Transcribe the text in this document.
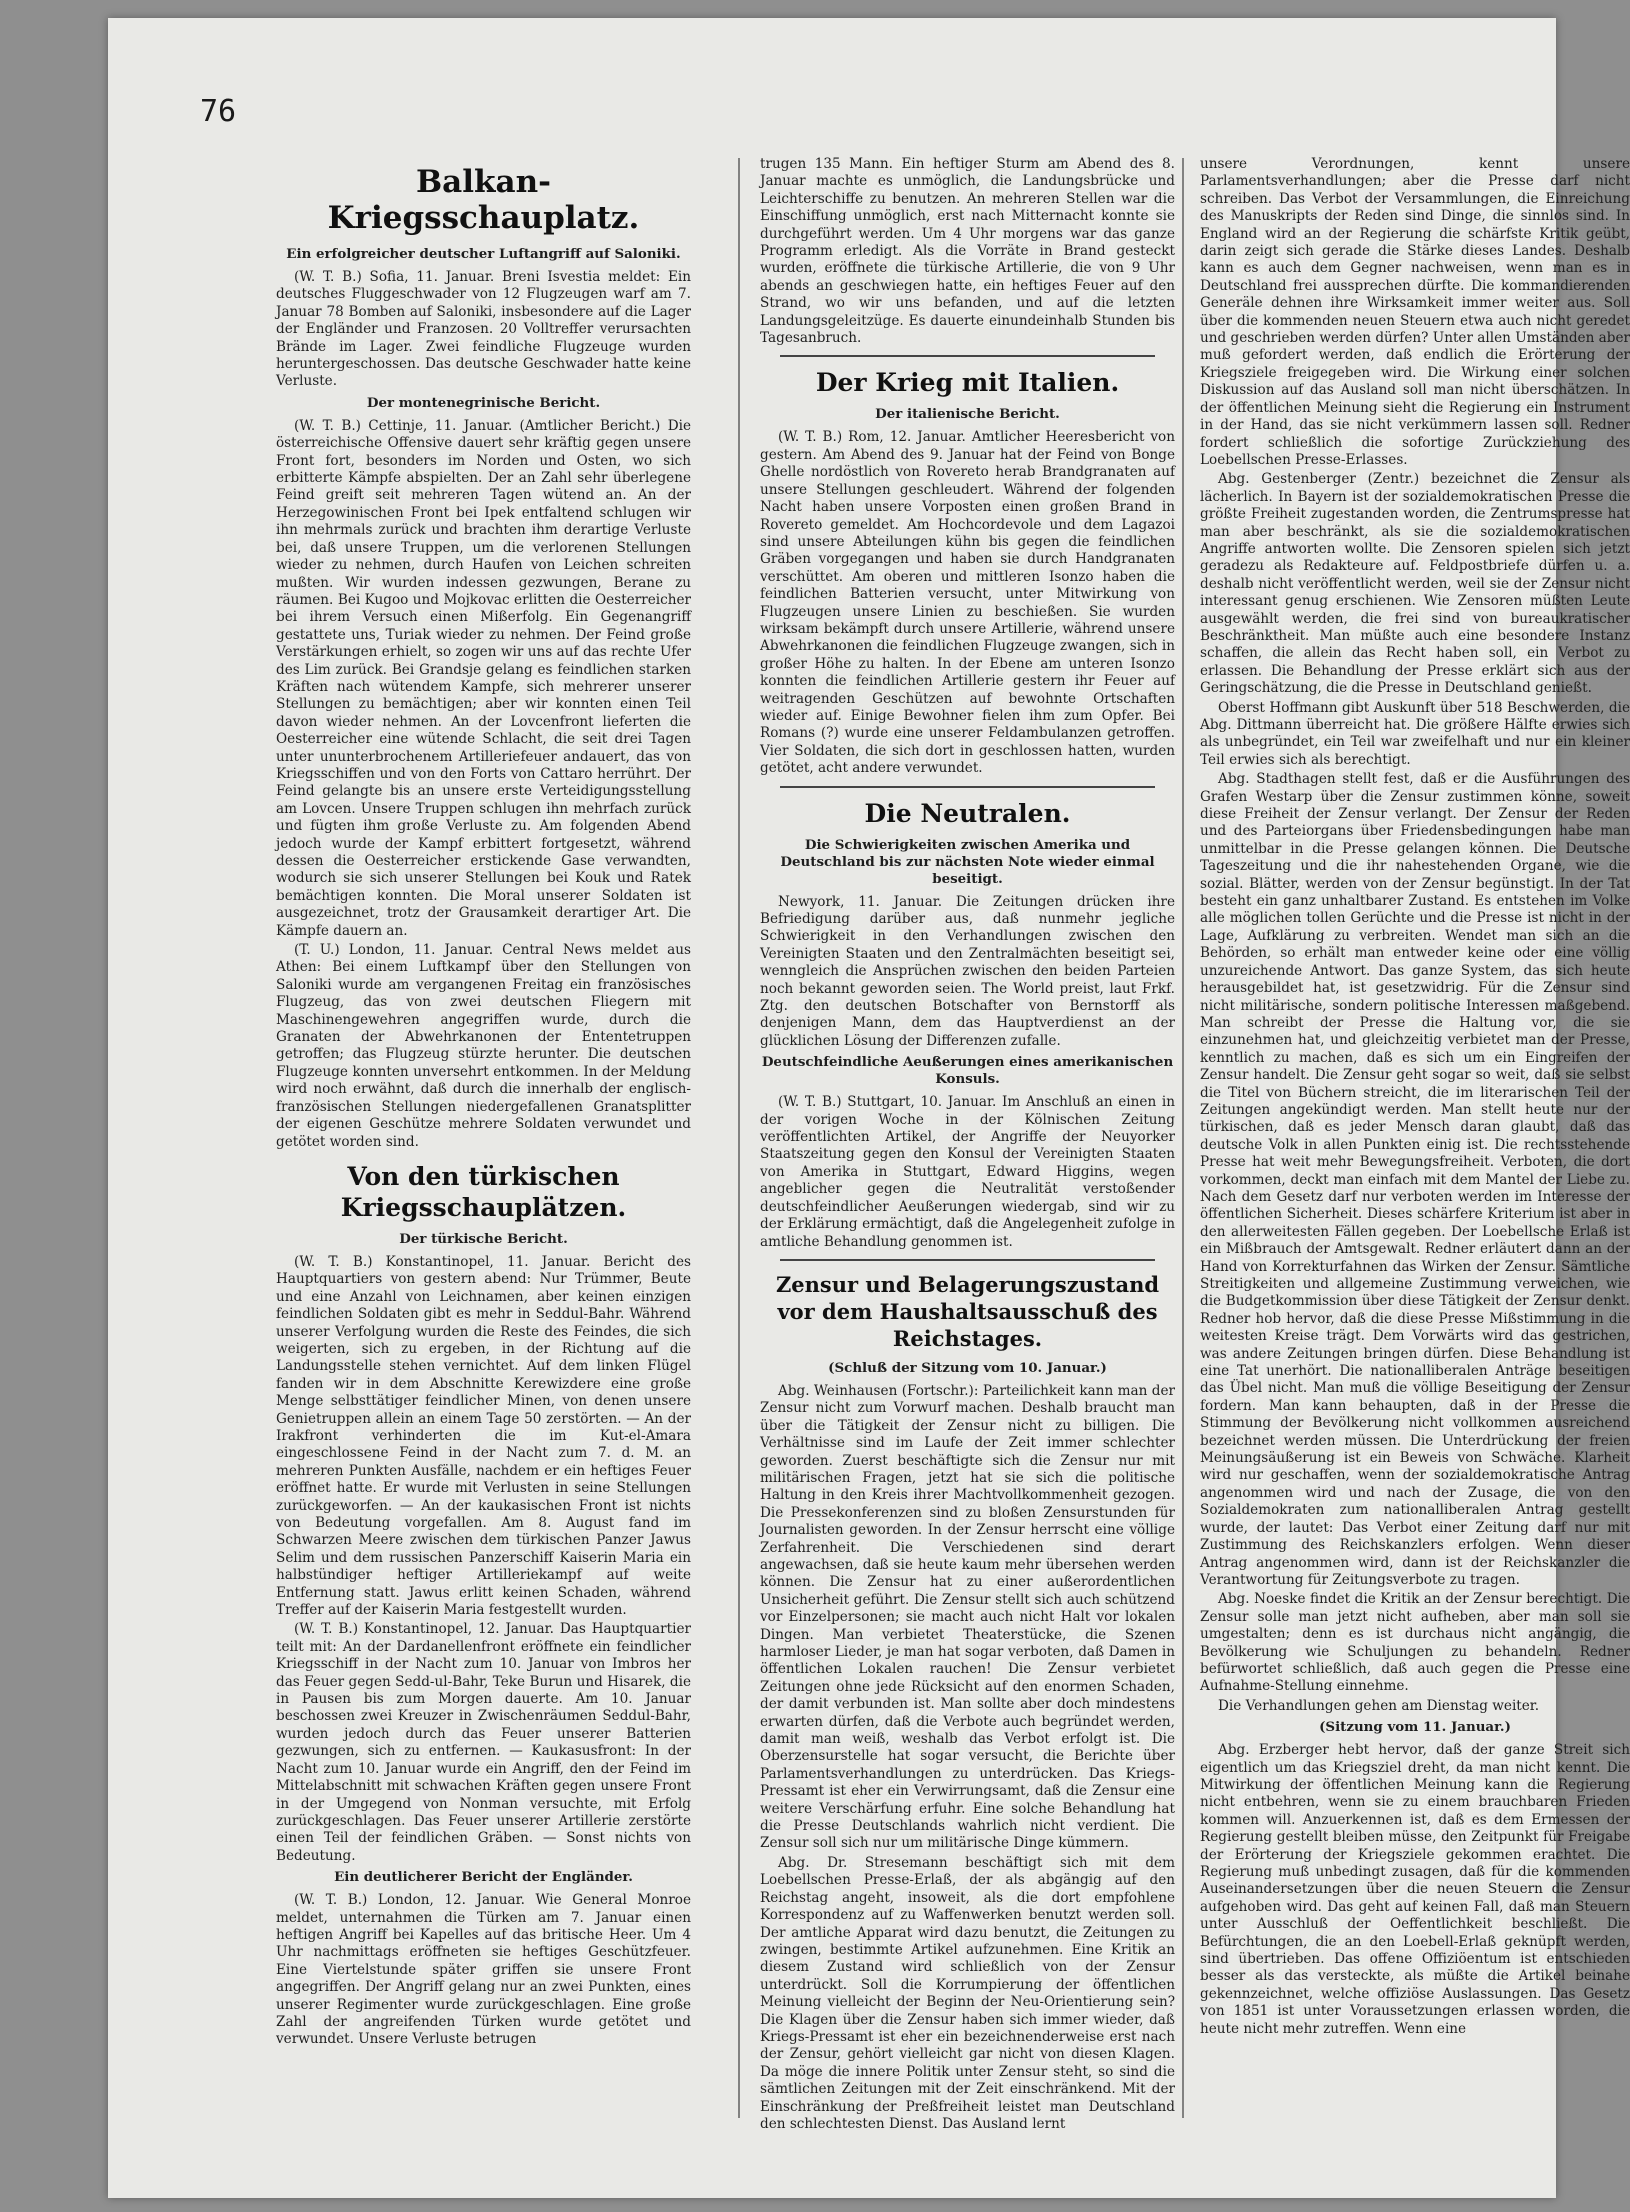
76
Balkan-Kriegsschauplatz.
Ein erfolgreicher deutscher Luftangriff auf Saloniki.

(W. T. B.) Sofia, 11. Januar. Breni Isvestia meldet: Ein deutsches Fluggeschwader von 12 Flugzeugen warf am 7. Januar 78 Bomben auf Saloniki, insbesondere auf die Lager der Engländer und Franzosen. 20 Volltreffer verursachten Brände im Lager. Zwei feindliche Flugzeuge wurden heruntergeschossen. Das deutsche Geschwader hatte keine Verluste.

Der montenegrinische Bericht.

(W. T. B.) Cettinje, 11. Januar. (Amtlicher Bericht.) Die österreichische Offensive dauert sehr kräftig gegen unsere Front fort, besonders im Norden und Osten, wo sich erbitterte Kämpfe abspielten. Der an Zahl sehr überlegene Feind greift seit mehreren Tagen wütend an. An der Herzegowinischen Front bei Ipek entfaltend schlugen wir ihn mehrmals zurück und brachten ihm derartige Verluste bei, daß unsere Truppen, um die verlorenen Stellungen wieder zu nehmen, durch Haufen von Leichen schreiten mußten. Wir wurden indessen gezwungen, Berane zu räumen. Bei Kugoo und Mojkovac erlitten die Oesterreicher bei ihrem Versuch einen Mißerfolg. Ein Gegenangriff gestattete uns, Turiak wieder zu nehmen. Der Feind große Verstärkungen erhielt, so zogen wir uns auf das rechte Ufer des Lim zurück. Bei Grandsje gelang es feindlichen starken Kräften nach wütendem Kampfe, sich mehrerer unserer Stellungen zu bemächtigen; aber wir konnten einen Teil davon wieder nehmen. An der Lovcenfront lieferten die Oesterreicher eine wütende Schlacht, die seit drei Tagen unter ununterbrochenem Artilleriefeuer andauert, das von Kriegsschiffen und von den Forts von Cattaro herrührt. Der Feind gelangte bis an unsere erste Verteidigungsstellung am Lovcen. Unsere Truppen schlugen ihn mehrfach zurück und fügten ihm große Verluste zu. Am folgenden Abend jedoch wurde der Kampf erbittert fortgesetzt, während dessen die Oesterreicher erstickende Gase verwandten, wodurch sie sich unserer Stellungen bei Kouk und Ratek bemächtigen konnten. Die Moral unserer Soldaten ist ausgezeichnet, trotz der Grausamkeit derartiger Art. Die Kämpfe dauern an.

(T. U.) London, 11. Januar. Central News meldet aus Athen: Bei einem Luftkampf über den Stellungen von Saloniki wurde am vergangenen Freitag ein französisches Flugzeug, das von zwei deutschen Fliegern mit Maschinengewehren angegriffen wurde, durch die Granaten der Abwehrkanonen der Ententetruppen getroffen; das Flugzeug stürzte herunter. Die deutschen Flugzeuge konnten unversehrt entkommen. In der Meldung wird noch erwähnt, daß durch die innerhalb der englisch-französischen Stellungen niedergefallenen Granatsplitter der eigenen Geschütze mehrere Soldaten verwundet und getötet worden sind.

Von den türkischen Kriegsschauplätzen.
Der türkische Bericht.

(W. T. B.) Konstantinopel, 11. Januar. Bericht des Hauptquartiers von gestern abend: Nur Trümmer, Beute und eine Anzahl von Leichnamen, aber keinen einzigen feindlichen Soldaten gibt es mehr in Seddul-Bahr. Während unserer Verfolgung wurden die Reste des Feindes, die sich weigerten, sich zu ergeben, in der Richtung auf die Landungsstelle stehen vernichtet. Auf dem linken Flügel fanden wir in dem Abschnitte Kerewizdere eine große Menge selbsttätiger feindlicher Minen, von denen unsere Genietruppen allein an einem Tage 50 zerstörten. — An der Irakfront verhinderten die im Kut-el-Amara eingeschlossene Feind in der Nacht zum 7. d. M. an mehreren Punkten Ausfälle, nachdem er ein heftiges Feuer eröffnet hatte. Er wurde mit Verlusten in seine Stellungen zurückgeworfen. — An der kaukasischen Front ist nichts von Bedeutung vorgefallen. Am 8. August fand im Schwarzen Meere zwischen dem türkischen Panzer Jawus Selim und dem russischen Panzerschiff Kaiserin Maria ein halbstündiger heftiger Artilleriekampf auf weite Entfernung statt. Jawus erlitt keinen Schaden, während Treffer auf der Kaiserin Maria festgestellt wurden.

(W. T. B.) Konstantinopel, 12. Januar. Das Hauptquartier teilt mit: An der Dardanellenfront eröffnete ein feindlicher Kriegsschiff in der Nacht zum 10. Januar von Imbros her das Feuer gegen Sedd-ul-Bahr, Teke Burun und Hisarek, die in Pausen bis zum Morgen dauerte. Am 10. Januar beschossen zwei Kreuzer in Zwischenräumen Seddul-Bahr, wurden jedoch durch das Feuer unserer Batterien gezwungen, sich zu entfernen. — Kaukasusfront: In der Nacht zum 10. Januar wurde ein Angriff, den der Feind im Mittelabschnitt mit schwachen Kräften gegen unsere Front in der Umgegend von Nonman versuchte, mit Erfolg zurückgeschlagen. Das Feuer unserer Artillerie zerstörte einen Teil der feindlichen Gräben. — Sonst nichts von Bedeutung.

Ein deutlicherer Bericht der Engländer.

(W. T. B.) London, 12. Januar. Wie General Monroe meldet, unternahmen die Türken am 7. Januar einen heftigen Angriff bei Kapelles auf das britische Heer. Um 4 Uhr nachmittags eröffneten sie heftiges Geschützfeuer. Eine Viertelstunde später griffen sie unsere Front angegriffen. Der Angriff gelang nur an zwei Punkten, eines unserer Regimenter wurde zurückgeschlagen. Eine große Zahl der angreifenden Türken wurde getötet und verwundet. Unsere Verluste betrugen

trugen 135 Mann. Ein heftiger Sturm am Abend des 8. Januar machte es unmöglich, die Landungsbrücke und Leichterschiffe zu benutzen. An mehreren Stellen war die Einschiffung unmöglich, erst nach Mitternacht konnte sie durchgeführt werden. Um 4 Uhr morgens war das ganze Programm erledigt. Als die Vorräte in Brand gesteckt wurden, eröffnete die türkische Artillerie, die von 9 Uhr abends an geschwiegen hatte, ein heftiges Feuer auf den Strand, wo wir uns befanden, und auf die letzten Landungsgeleitzüge. Es dauerte einundeinhalb Stunden bis Tagesanbruch.

Der Krieg mit Italien.
Der italienische Bericht.

(W. T. B.) Rom, 12. Januar. Amtlicher Heeresbericht von gestern. Am Abend des 9. Januar hat der Feind von Bonge Ghelle nordöstlich von Rovereto herab Brandgranaten auf unsere Stellungen geschleudert. Während der folgenden Nacht haben unsere Vorposten einen großen Brand in Rovereto gemeldet. Am Hochcordevole und dem Lagazoi sind unsere Abteilungen kühn bis gegen die feindlichen Gräben vorgegangen und haben sie durch Handgranaten verschüttet. Am oberen und mittleren Isonzo haben die feindlichen Batterien versucht, unter Mitwirkung von Flugzeugen unsere Linien zu beschießen. Sie wurden wirksam bekämpft durch unsere Artillerie, während unsere Abwehrkanonen die feindlichen Flugzeuge zwangen, sich in großer Höhe zu halten. In der Ebene am unteren Isonzo konnten die feindlichen Artillerie gestern ihr Feuer auf weitragenden Geschützen auf bewohnte Ortschaften wieder auf. Einige Bewohner fielen ihm zum Opfer. Bei Romans (?) wurde eine unserer Feldambulanzen getroffen. Vier Soldaten, die sich dort in geschlossen hatten, wurden getötet, acht andere verwundet.

Die Neutralen.
Die Schwierigkeiten zwischen Amerika und Deutschland bis zur nächsten Note wieder einmal beseitigt.

Newyork, 11. Januar. Die Zeitungen drücken ihre Befriedigung darüber aus, daß nunmehr jegliche Schwierigkeit in den Verhandlungen zwischen den Vereinigten Staaten und den Zentralmächten beseitigt sei, wenngleich die Ansprüchen zwischen den beiden Parteien noch bekannt geworden seien. The World preist, laut Frkf. Ztg. den deutschen Botschafter von Bernstorff als denjenigen Mann, dem das Hauptverdienst an der glücklichen Lösung der Differenzen zufalle.

Deutschfeindliche Aeußerungen eines amerikanischen Konsuls.

(W. T. B.) Stuttgart, 10. Januar. Im Anschluß an einen in der vorigen Woche in der Kölnischen Zeitung veröffentlichten Artikel, der Angriffe der Neuyorker Staatszeitung gegen den Konsul der Vereinigten Staaten von Amerika in Stuttgart, Edward Higgins, wegen angeblicher gegen die Neutralität verstoßender deutschfeindlicher Aeußerungen wiedergab, sind wir zu der Erklärung ermächtigt, daß die Angelegenheit zufolge in amtliche Behandlung genommen ist.

Zensur und Belagerungszustand vor dem Haushaltsausschuß des Reichstages.
(Schluß der Sitzung vom 10. Januar.)

Abg. Weinhausen (Fortschr.): Parteilichkeit kann man der Zensur nicht zum Vorwurf machen. Deshalb braucht man über die Tätigkeit der Zensur nicht zu billigen. Die Verhältnisse sind im Laufe der Zeit immer schlechter geworden. Zuerst beschäftigte sich die Zensur nur mit militärischen Fragen, jetzt hat sie sich die politische Haltung in den Kreis ihrer Machtvollkommenheit gezogen. Die Pressekonferenzen sind zu bloßen Zensurstunden für Journalisten geworden. In der Zensur herrscht eine völlige Zerfahrenheit. Die Verschiedenen sind derart angewachsen, daß sie heute kaum mehr übersehen werden können. Die Zensur hat zu einer außerordentlichen Unsicherheit geführt. Die Zensur stellt sich auch schützend vor Einzelpersonen; sie macht auch nicht Halt vor lokalen Dingen. Man verbietet Theaterstücke, die Szenen harmloser Lieder, je man hat sogar verboten, daß Damen in öffentlichen Lokalen rauchen! Die Zensur verbietet Zeitungen ohne jede Rücksicht auf den enormen Schaden, der damit verbunden ist. Man sollte aber doch mindestens erwarten dürfen, daß die Verbote auch begründet werden, damit man weiß, weshalb das Verbot erfolgt ist. Die Oberzensurstelle hat sogar versucht, die Berichte über Parlamentsverhandlungen zu unterdrücken. Das Kriegs-Pressamt ist eher ein Verwirrungsamt, daß die Zensur eine weitere Verschärfung erfuhr. Eine solche Behandlung hat die Presse Deutschlands wahrlich nicht verdient. Die Zensur soll sich nur um militärische Dinge kümmern.

Abg. Dr. Stresemann beschäftigt sich mit dem Loebellschen Presse-Erlaß, der als abgängig auf den Reichstag angeht, insoweit, als die dort empfohlene Korrespondenz auf zu Waffenwerken benutzt werden soll. Der amtliche Apparat wird dazu benutzt, die Zeitungen zu zwingen, bestimmte Artikel aufzunehmen. Eine Kritik an diesem Zustand wird schließlich von der Zensur unterdrückt. Soll die Korrumpierung der öffentlichen Meinung vielleicht der Beginn der Neu-Orientierung sein? Die Klagen über die Zensur haben sich immer wieder, daß Kriegs-Pressamt ist eher ein bezeichnenderweise erst nach der Zensur, gehört vielleicht gar nicht von diesen Klagen. Da möge die innere Politik unter Zensur steht, so sind die sämtlichen Zeitungen mit der Zeit einschränkend. Mit der Einschränkung der Preßfreiheit leistet man Deutschland den schlechtesten Dienst. Das Ausland lernt

unsere Verordnungen, kennt unsere Parlamentsverhandlungen; aber die Presse darf nicht schreiben. Das Verbot der Versammlungen, die Einreichung des Manuskripts der Reden sind Dinge, die sinnlos sind. In England wird an der Regierung die schärfste Kritik geübt, darin zeigt sich gerade die Stärke dieses Landes. Deshalb kann es auch dem Gegner nachweisen, wenn man es in Deutschland frei aussprechen dürfte. Die kommandierenden Generäle dehnen ihre Wirksamkeit immer weiter aus. Soll über die kommenden neuen Steuern etwa auch nicht geredet und geschrieben werden dürfen? Unter allen Umständen aber muß gefordert werden, daß endlich die Erörterung der Kriegsziele freigegeben wird. Die Wirkung einer solchen Diskussion auf das Ausland soll man nicht überschätzen. In der öffentlichen Meinung sieht die Regierung ein Instrument in der Hand, das sie nicht verkümmern lassen soll. Redner fordert schließlich die sofortige Zurückziehung des Loebellschen Presse-Erlasses.

Abg. Gestenberger (Zentr.) bezeichnet die Zensur als lächerlich. In Bayern ist der sozialdemokratischen Presse die größte Freiheit zugestanden worden, die Zentrumspresse hat man aber beschränkt, als sie die sozialdemokratischen Angriffe antworten wollte. Die Zensoren spielen sich jetzt geradezu als Redakteure auf. Feldpostbriefe dürfen u. a. deshalb nicht veröffentlicht werden, weil sie der Zensur nicht interessant genug erschienen. Wie Zensoren müßten Leute ausgewählt werden, die frei sind von bureaukratischer Beschränktheit. Man müßte auch eine besondere Instanz schaffen, die allein das Recht haben soll, ein Verbot zu erlassen. Die Behandlung der Presse erklärt sich aus der Geringschätzung, die die Presse in Deutschland genießt.

Oberst Hoffmann gibt Auskunft über 518 Beschwerden, die Abg. Dittmann überreicht hat. Die größere Hälfte erwies sich als unbegründet, ein Teil war zweifelhaft und nur ein kleiner Teil erwies sich als berechtigt.

Abg. Stadthagen stellt fest, daß er die Ausführungen des Grafen Westarp über die Zensur zustimmen könne, soweit diese Freiheit der Zensur verlangt. Der Zensur der Reden und des Parteiorgans über Friedensbedingungen habe man unmittelbar in die Presse gelangen können. Die Deutsche Tageszeitung und die ihr nahestehenden Organe, wie die sozial. Blätter, werden von der Zensur begünstigt. In der Tat besteht ein ganz unhaltbarer Zustand. Es entstehen im Volke alle möglichen tollen Gerüchte und die Presse ist nicht in der Lage, Aufklärung zu verbreiten. Wendet man sich an die Behörden, so erhält man entweder keine oder eine völlig unzureichende Antwort. Das ganze System, das sich heute herausgebildet hat, ist gesetzwidrig. Für die Zensur sind nicht militärische, sondern politische Interessen maßgebend. Man schreibt der Presse die Haltung vor, die sie einzunehmen hat, und gleichzeitig verbietet man der Presse, kenntlich zu machen, daß es sich um ein Eingreifen der Zensur handelt. Die Zensur geht sogar so weit, daß sie selbst die Titel von Büchern streicht, die im literarischen Teil der Zeitungen angekündigt werden. Man stellt heute nur der türkischen, daß es jeder Mensch daran glaubt, daß das deutsche Volk in allen Punkten einig ist. Die rechtsstehende Presse hat weit mehr Bewegungsfreiheit. Verboten, die dort vorkommen, deckt man einfach mit dem Mantel der Liebe zu. Nach dem Gesetz darf nur verboten werden im Interesse der öffentlichen Sicherheit. Dieses schärfere Kriterium ist aber in den allerweitesten Fällen gegeben. Der Loebellsche Erlaß ist ein Mißbrauch der Amtsgewalt. Redner erläutert dann an der Hand von Korrekturfahnen das Wirken der Zensur. Sämtliche Streitigkeiten und allgemeine Zustimmung verweichen, wie die Budgetkommission über diese Tätigkeit der Zensur denkt. Redner hob hervor, daß die diese Presse Mißstimmung in die weitesten Kreise trägt. Dem Vorwärts wird das gestrichen, was andere Zeitungen bringen dürfen. Diese Behandlung ist eine Tat unerhört. Die nationalliberalen Anträge beseitigen das Übel nicht. Man muß die völlige Beseitigung der Zensur fordern. Man kann behaupten, daß in der Presse die Stimmung der Bevölkerung nicht vollkommen ausreichend bezeichnet werden müssen. Die Unterdrückung der freien Meinungsäußerung ist ein Beweis von Schwäche. Klarheit wird nur geschaffen, wenn der sozialdemokratische Antrag angenommen wird und nach der Zusage, die von den Sozialdemokraten zum nationalliberalen Antrag gestellt wurde, der lautet: Das Verbot einer Zeitung darf nur mit Zustimmung des Reichskanzlers erfolgen. Wenn dieser Antrag angenommen wird, dann ist der Reichskanzler die Verantwortung für Zeitungsverbote zu tragen.

Abg. Noeske findet die Kritik an der Zensur berechtigt. Die Zensur solle man jetzt nicht aufheben, aber man soll sie umgestalten; denn es ist durchaus nicht angängig, die Bevölkerung wie Schuljungen zu behandeln. Redner befürwortet schließlich, daß auch gegen die Presse eine Aufnahme-Stellung einnehme.

Die Verhandlungen gehen am Dienstag weiter.

(Sitzung vom 11. Januar.)

Abg. Erzberger hebt hervor, daß der ganze Streit sich eigentlich um das Kriegsziel dreht, da man nicht kennt. Die Mitwirkung der öffentlichen Meinung kann die Regierung nicht entbehren, wenn sie zu einem brauchbaren Frieden kommen will. Anzuerkennen ist, daß es dem Ermessen der Regierung gestellt bleiben müsse, den Zeitpunkt für Freigabe der Erörterung der Kriegsziele gekommen erachtet. Die Regierung muß unbedingt zusagen, daß für die kommenden Auseinandersetzungen über die neuen Steuern die Zensur aufgehoben wird. Das geht auf keinen Fall, daß man Steuern unter Ausschluß der Oeffentlichkeit beschließt. Die Befürchtungen, die an den Loebell-Erlaß geknüpft werden, sind übertrieben. Das offene Offiziöentum ist entschieden besser als das versteckte, als müßte die Artikel beinahe gekennzeichnet, welche offiziöse Auslassungen. Das Gesetz von 1851 ist unter Voraussetzungen erlassen worden, die heute nicht mehr zutreffen. Wenn eine
